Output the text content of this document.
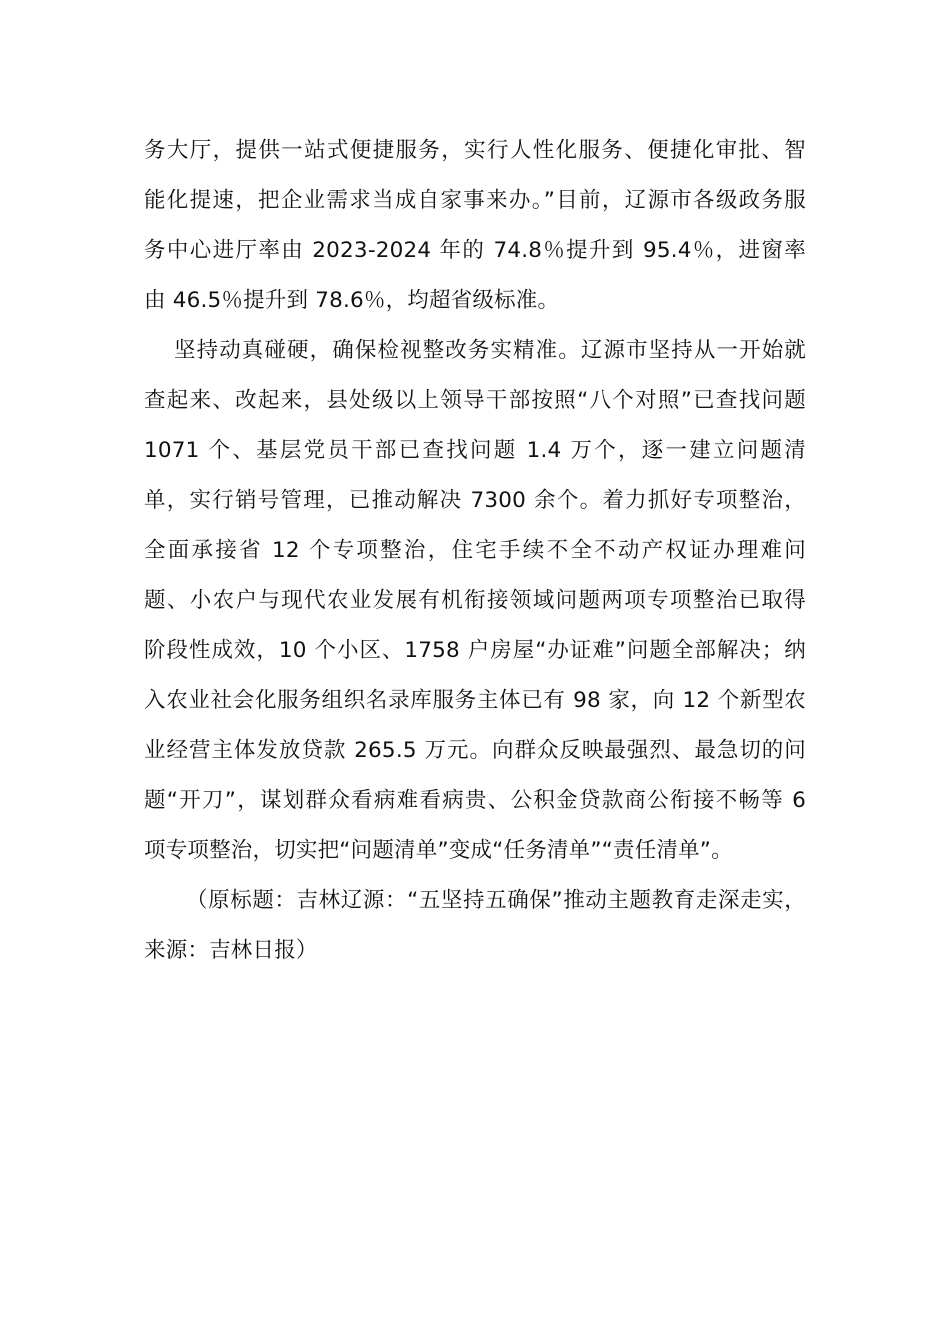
务大厅，提供一站式便捷服务，实行人性化服务、便捷化审批、智
能化提速，把企业需求当成自家事来办。”目前，辽源市各级政务服
务中心进厅率由 2023-2024 年的 74.8％提升到 95.4％，进窗率
由 46.5％提升到 78.6％，均超省级标准。
坚持动真碰硬，确保检视整改务实精准。辽源市坚持从一开始就
查起来、改起来，县处级以上领导干部按照“八个对照”已查找问题
1071 个、基层党员干部已查找问题 1.4 万个，逐一建立问题清
单，实行销号管理，已推动解决 7300 余个。着力抓好专项整治，
全面承接省 12 个专项整治，住宅手续不全不动产权证办理难问
题、小农户与现代农业发展有机衔接领域问题两项专项整治已取得
阶段性成效，10 个小区、1758 户房屋“办证难”问题全部解决；纳
入农业社会化服务组织名录库服务主体已有 98 家，向 12 个新型农
业经营主体发放贷款 265.5 万元。向群众反映最强烈、最急切的问
题“开刀”，谋划群众看病难看病贵、公积金贷款商公衔接不畅等 6
项专项整治，切实把“问题清单”变成“任务清单”“责任清单”。
（原标题：吉林辽源：“五坚持五确保”推动主题教育走深走实，
来源：吉林日报）
